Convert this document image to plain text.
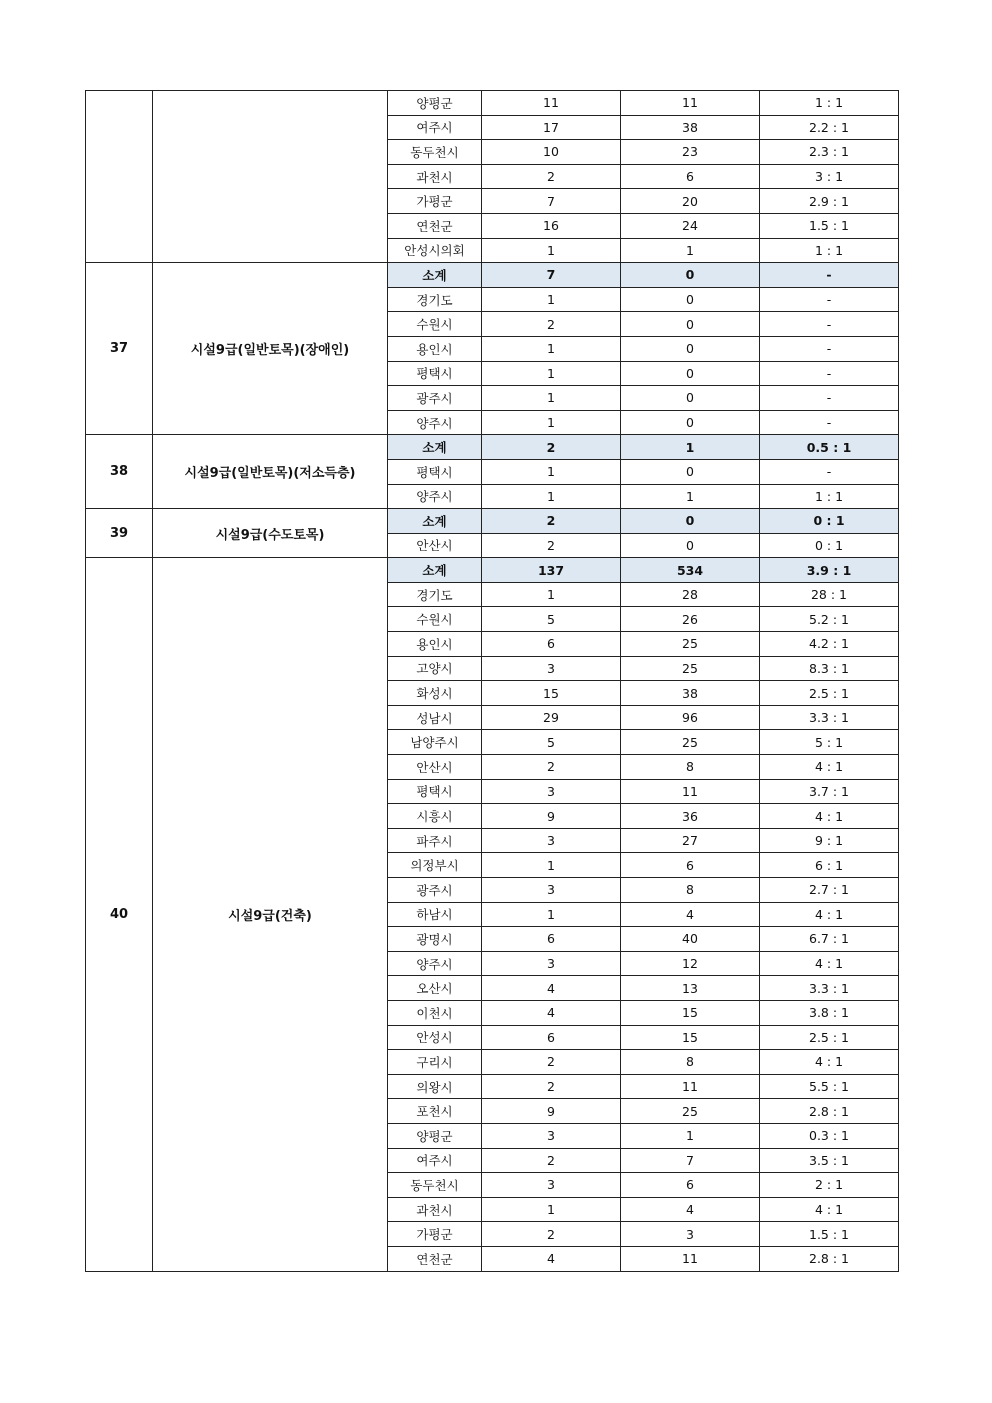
		양평군	11	11	1 : 1
		여주시	17	38	2.2 : 1
		동두천시	10	23	2.3 : 1
		과천시	2	6	3 : 1
		가평군	7	20	2.9 : 1
		연천군	16	24	1.5 : 1
		안성시의회	1	1	1 : 1
37	시설9급(일반토목)(장애인)	소계	7	0	-
		경기도	1	0	-
		수원시	2	0	-
		용인시	1	0	-
		평택시	1	0	-
		광주시	1	0	-
		양주시	1	0	-
38	시설9급(일반토목)(저소득층)	소계	2	1	0.5 : 1
		평택시	1	0	-
		양주시	1	1	1 : 1
39	시설9급(수도토목)	소계	2	0	0 : 1
		안산시	2	0	0 : 1
40	시설9급(건축)	소계	137	534	3.9 : 1
		경기도	1	28	28 : 1
		수원시	5	26	5.2 : 1
		용인시	6	25	4.2 : 1
		고양시	3	25	8.3 : 1
		화성시	15	38	2.5 : 1
		성남시	29	96	3.3 : 1
		남양주시	5	25	5 : 1
		안산시	2	8	4 : 1
		평택시	3	11	3.7 : 1
		시흥시	9	36	4 : 1
		파주시	3	27	9 : 1
		의정부시	1	6	6 : 1
		광주시	3	8	2.7 : 1
		하남시	1	4	4 : 1
		광명시	6	40	6.7 : 1
		양주시	3	12	4 : 1
		오산시	4	13	3.3 : 1
		이천시	4	15	3.8 : 1
		안성시	6	15	2.5 : 1
		구리시	2	8	4 : 1
		의왕시	2	11	5.5 : 1
		포천시	9	25	2.8 : 1
		양평군	3	1	0.3 : 1
		여주시	2	7	3.5 : 1
		동두천시	3	6	2 : 1
		과천시	1	4	4 : 1
		가평군	2	3	1.5 : 1
		연천군	4	11	2.8 : 1
